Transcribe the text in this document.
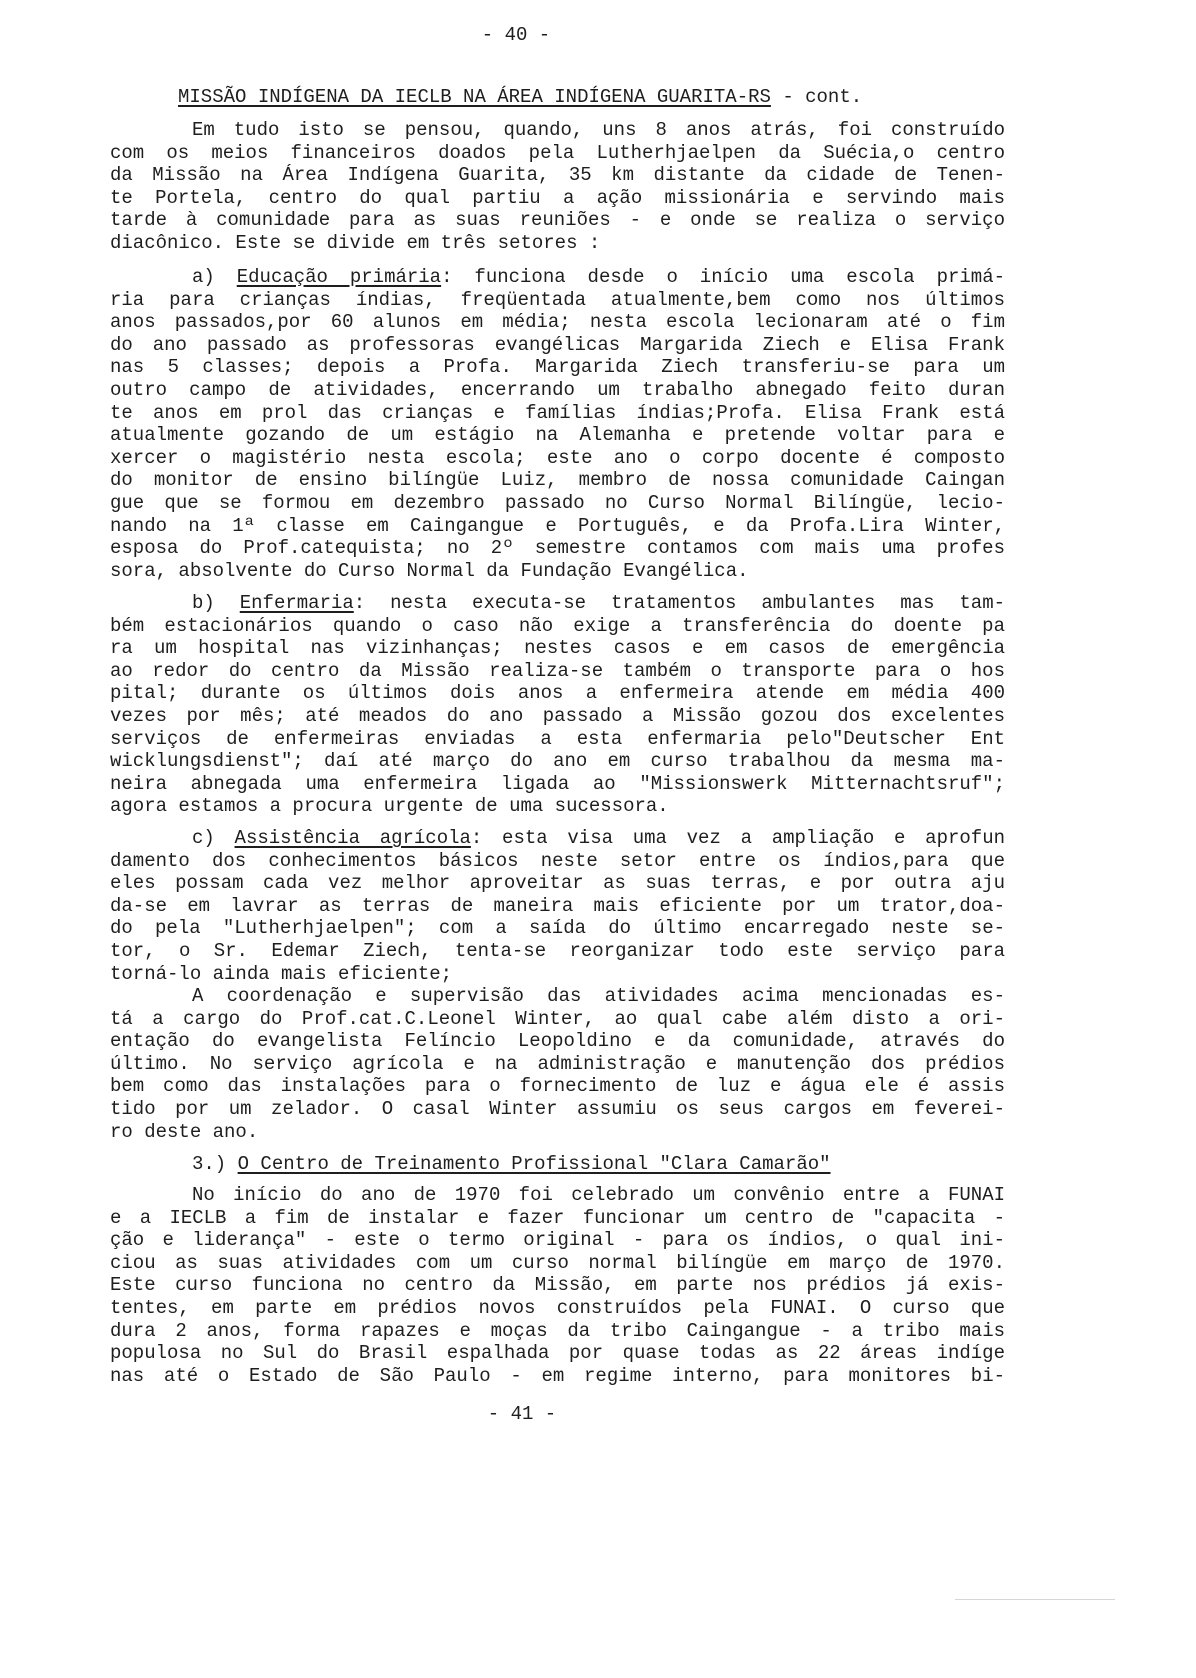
- 40 -
MISSÃO INDÍGENA DA IECLB NA ÁREA INDÍGENA GUARITA-RS - cont.
Em tudo isto se pensou, quando, uns 8 anos atrás, foi construído
com os meios financeiros doados pela Lutherhjaelpen da Suécia,o centro
da Missão na Área Indígena Guarita, 35 km distante da cidade de Tenen-
te Portela, centro do qual partiu a ação missionária e servindo mais
tarde à comunidade para as suas reuniões - e onde se realiza o serviço
diacônico. Este se divide em três setores :
a) Educação primária: funciona desde o início uma escola primá-
ria para crianças índias, freqüentada atualmente,bem como nos últimos
anos passados,por 60 alunos em média; nesta escola lecionaram até o fim
do ano passado as professoras evangélicas Margarida Ziech e Elisa Frank
nas 5 classes; depois a Profa. Margarida Ziech transferiu-se para um
outro campo de atividades, encerrando um trabalho abnegado feito duran
te anos em prol das crianças e famílias índias;Profa. Elisa Frank está
atualmente gozando de um estágio na Alemanha e pretende voltar para e
xercer o magistério nesta escola; este ano o corpo docente é composto
do monitor de ensino bilíngüe Luiz, membro de nossa comunidade Caingan
gue que se formou em dezembro passado no Curso Normal Bilíngüe, lecio-
nando na 1ª classe em Caingangue e Português, e da Profa.Lira Winter,
esposa do Prof.catequista; no 2º semestre contamos com mais uma profes
sora, absolvente do Curso Normal da Fundação Evangélica.
b) Enfermaria: nesta executa-se tratamentos ambulantes mas tam-
bém estacionários quando o caso não exige a transferência do doente pa
ra um hospital nas vizinhanças; nestes casos e em casos de emergência
ao redor do centro da Missão realiza-se também o transporte para o hos
pital; durante os últimos dois anos a enfermeira atende em média 400
vezes por mês; até meados do ano passado a Missão gozou dos excelentes
serviços de enfermeiras enviadas a esta enfermaria pelo"Deutscher Ent
wicklungsdienst"; daí até março do ano em curso trabalhou da mesma ma-
neira abnegada uma enfermeira ligada ao "Missionswerk Mitternachtsruf";
agora estamos a procura urgente de uma sucessora.
c) Assistência agrícola: esta visa uma vez a ampliação e aprofun
damento dos conhecimentos básicos neste setor entre os índios,para que
eles possam cada vez melhor aproveitar as suas terras, e por outra aju
da-se em lavrar as terras de maneira mais eficiente por um trator,doa-
do pela "Lutherhjaelpen"; com a saída do último encarregado neste se-
tor, o Sr. Edemar Ziech, tenta-se reorganizar todo este serviço para
torná-lo ainda mais eficiente;
A coordenação e supervisão das atividades acima mencionadas es-
tá a cargo do Prof.cat.C.Leonel Winter, ao qual cabe além disto a ori-
entação do evangelista Felíncio Leopoldino e da comunidade, através do
último. No serviço agrícola e na administração e manutenção dos prédios
bem como das instalações para o fornecimento de luz e água ele é assis
tido por um zelador. O casal Winter assumiu os seus cargos em feverei-
ro deste ano.
3.) O Centro de Treinamento Profissional "Clara Camarão"
No início do ano de 1970 foi celebrado um convênio entre a FUNAI
e a IECLB a fim de instalar e fazer funcionar um centro de "capacita -
ção e liderança" - este o termo original - para os índios, o qual ini-
ciou as suas atividades com um curso normal bilíngüe em março de 1970.
Este curso funciona no centro da Missão, em parte nos prédios já exis-
tentes, em parte em prédios novos construídos pela FUNAI. O curso que
dura 2 anos, forma rapazes e moças da tribo Caingangue - a tribo mais
populosa no Sul do Brasil espalhada por quase todas as 22 áreas indíge
nas até o Estado de São Paulo - em regime interno, para monitores bi-
- 41 -
